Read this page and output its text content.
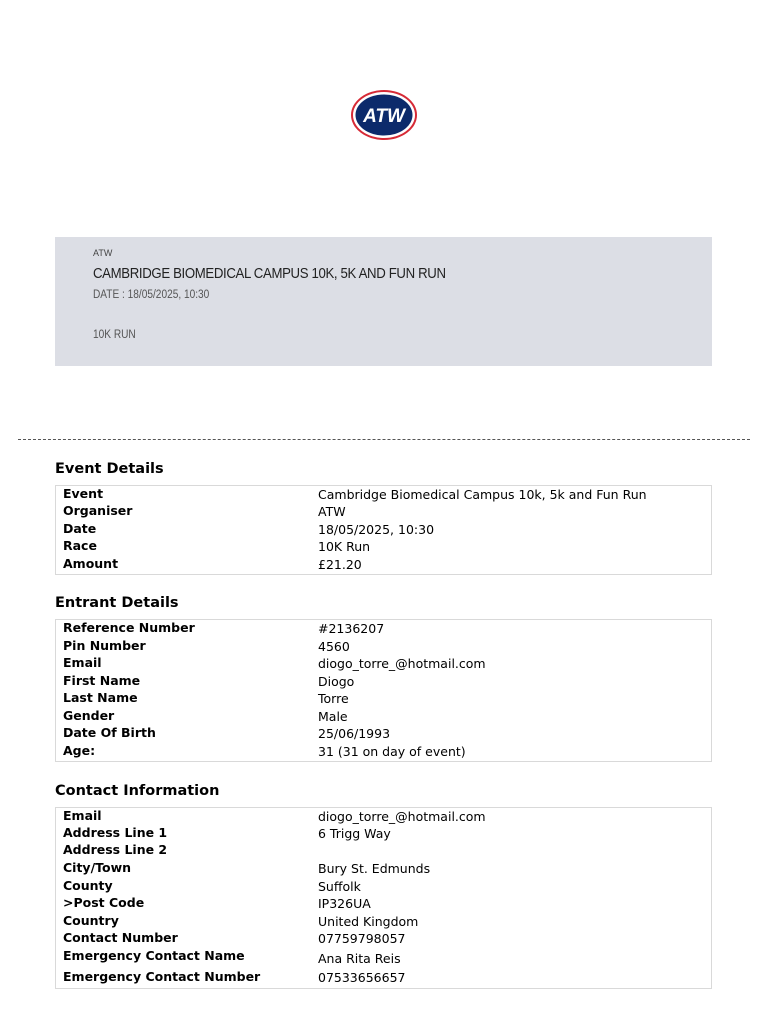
ATW
ATW
CAMBRIDGE BIOMEDICAL CAMPUS 10K, 5K AND FUN RUN
DATE : 18/05/2025, 10:30
10K RUN
Event Details
Event	Cambridge Biomedical Campus 10k, 5k and Fun Run
Organiser	ATW
Date	18/05/2025, 10:30
Race	10K Run
Amount	£21.20
Entrant Details
Reference Number	#2136207
Pin Number	4560
Email	diogo_torre_@hotmail.com
First Name	Diogo
Last Name	Torre
Gender	Male
Date Of Birth	25/06/1993
Age:	31 (31 on day of event)
Contact Information
Email	diogo_torre_@hotmail.com
Address Line 1	6 Trigg Way
Address Line 2
City/Town	Bury St. Edmunds
County	Suffolk
>Post Code	IP326UA
Country	United Kingdom
Contact Number	07759798057
Emergency Contact Name	Ana Rita Reis
Emergency Contact Number	07533656657
